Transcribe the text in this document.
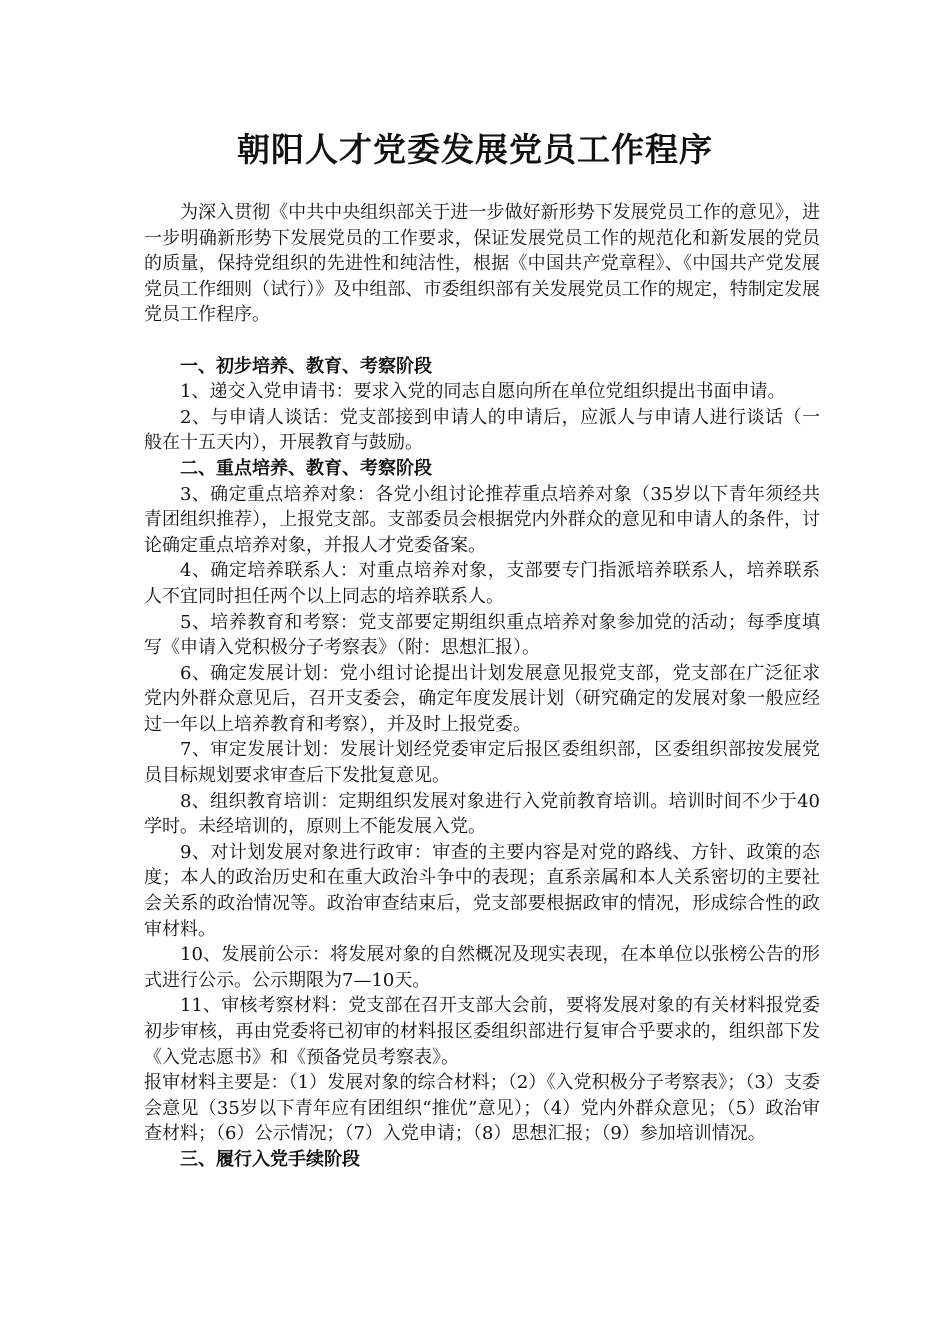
朝阳人才党委发展党员工作程序

为深入贯彻《中共中央组织部关于进一步做好新形势下发展党员工作的意见》，进一步明确新形势下发展党员的工作要求，保证发展党员工作的规范化和新发展的党员的质量，保持党组织的先进性和纯洁性，根据《中国共产党章程》、《中国共产党发展党员工作细则（试行）》及中组部、市委组织部有关发展党员工作的规定，特制定发展党员工作程序。

一、初步培养、教育、考察阶段

1、递交入党申请书：要求入党的同志自愿向所在单位党组织提出书面申请。

2、与申请人谈话：党支部接到申请人的申请后，应派人与申请人进行谈话（一般在十五天内），开展教育与鼓励。

二、重点培养、教育、考察阶段

3、确定重点培养对象：各党小组讨论推荐重点培养对象（35岁以下青年须经共青团组织推荐），上报党支部。支部委员会根据党内外群众的意见和申请人的条件，讨论确定重点培养对象，并报人才党委备案。

4、确定培养联系人：对重点培养对象，支部要专门指派培养联系人，培养联系人不宜同时担任两个以上同志的培养联系人。

5、培养教育和考察：党支部要定期组织重点培养对象参加党的活动；每季度填写《申请入党积极分子考察表》（附：思想汇报）。

6、确定发展计划：党小组讨论提出计划发展意见报党支部，党支部在广泛征求党内外群众意见后，召开支委会，确定年度发展计划（研究确定的发展对象一般应经过一年以上培养教育和考察），并及时上报党委。

7、审定发展计划：发展计划经党委审定后报区委组织部，区委组织部按发展党员目标规划要求审查后下发批复意见。

8、组织教育培训：定期组织发展对象进行入党前教育培训。培训时间不少于40学时。未经培训的，原则上不能发展入党。

9、对计划发展对象进行政审：审查的主要内容是对党的路线、方针、政策的态度；本人的政治历史和在重大政治斗争中的表现；直系亲属和本人关系密切的主要社会关系的政治情况等。政治审查结束后，党支部要根据政审的情况，形成综合性的政审材料。

10、发展前公示：将发展对象的自然概况及现实表现，在本单位以张榜公告的形式进行公示。公示期限为7—10天。

11、审核考察材料：党支部在召开支部大会前，要将发展对象的有关材料报党委初步审核，再由党委将已初审的材料报区委组织部进行复审合乎要求的，组织部下发《入党志愿书》和《预备党员考察表》。

报审材料主要是：（1）发展对象的综合材料；（2）《入党积极分子考察表》；（3）支委会意见（35岁以下青年应有团组织“推优”意见）；（4）党内外群众意见；（5）政治审查材料；（6）公示情况；（7）入党申请；（8）思想汇报；（9）参加培训情况。

三、履行入党手续阶段
